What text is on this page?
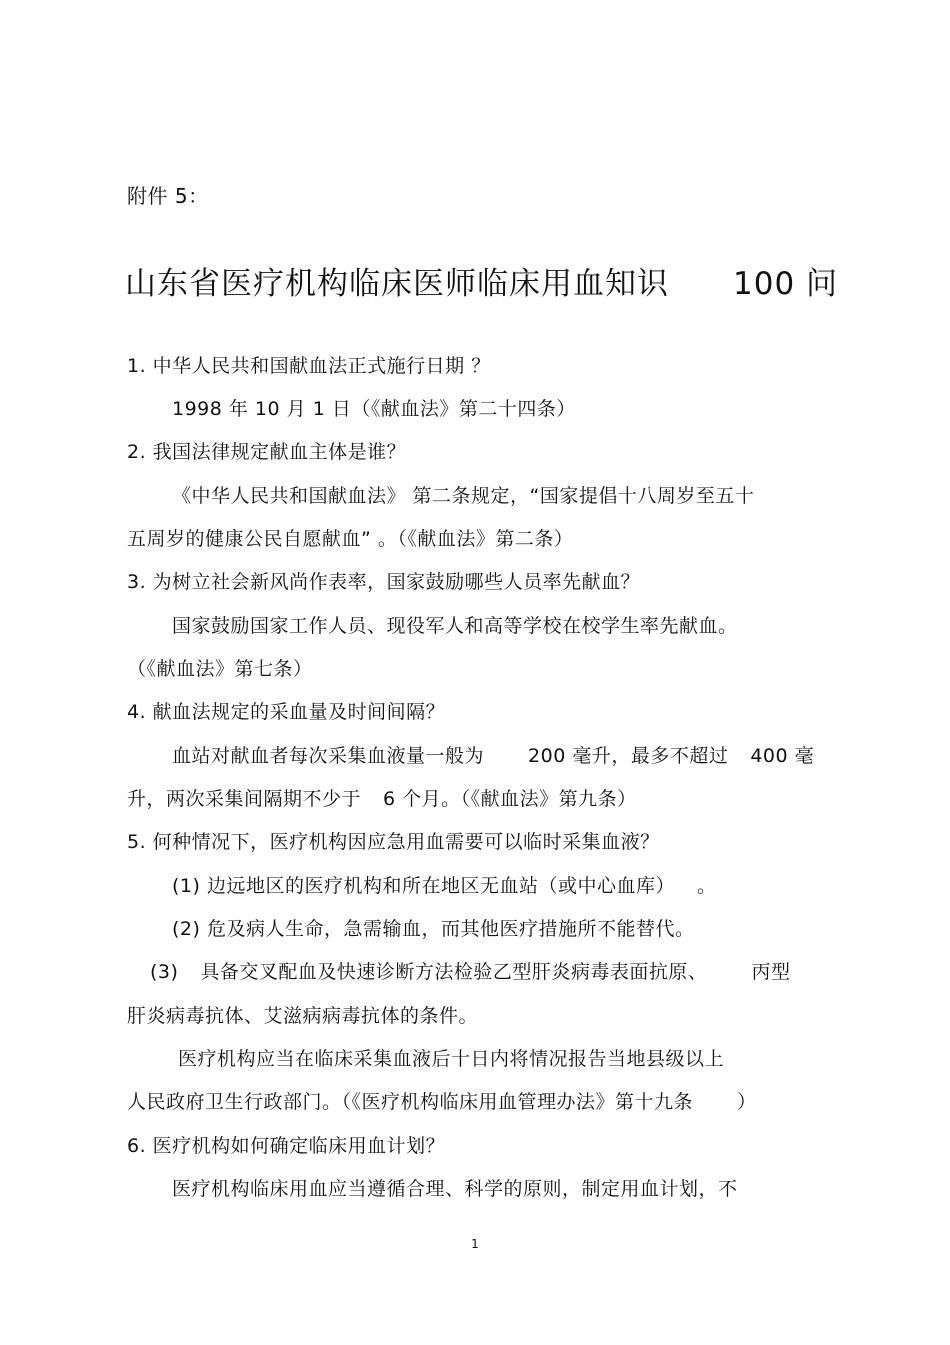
附件 5：
山东省医疗机构临床医师临床用血知识 100 问
1. 中华人民共和国献血法正式施行日期 ？
1998 年 10 月 1 日（《献血法》第二十四条）
2. 我国法律规定献血主体是谁？
《中华人民共和国献血法》 第二条规定，“国家提倡十八周岁至五十
五周岁的健康公民自愿献血” 。（《献血法》第二条）
3. 为树立社会新风尚作表率，国家鼓励哪些人员率先献血？
国家鼓励国家工作人员、现役军人和高等学校在校学生率先献血。
（《献血法》第七条）
4. 献血法规定的采血量及时间间隔？
血站对献血者每次采集血液量一般为 200 毫升，最多不超过 400 毫
升，两次采集间隔期不少于 6 个月。（《献血法》第九条）
5. 何种情况下，医疗机构因应急用血需要可以临时采集血液？
(1) 边远地区的医疗机构和所在地区无血站（或中心血库） 。
(2) 危及病人生命，急需输血，而其他医疗措施所不能替代。
(3) 具备交叉配血及快速诊断方法检验乙型肝炎病毒表面抗原、 丙型
肝炎病毒抗体、艾滋病病毒抗体的条件。
医疗机构应当在临床采集血液后十日内将情况报告当地县级以上
人民政府卫生行政部门。（《医疗机构临床用血管理办法》第十九条 ）
6. 医疗机构如何确定临床用血计划？
医疗机构临床用血应当遵循合理、科学的原则，制定用血计划，不
1
